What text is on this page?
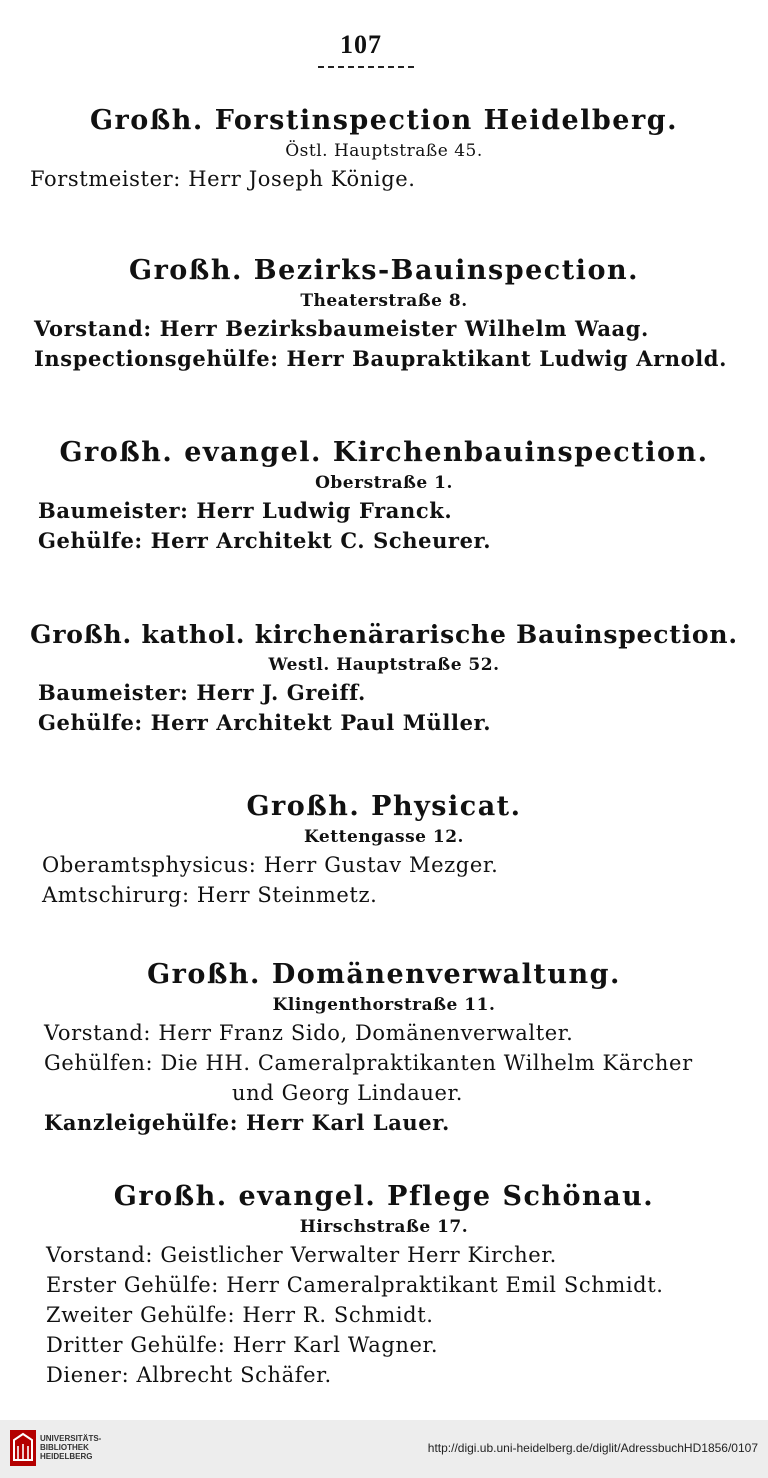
107
Großh. Forstinspection Heidelberg.
Östl. Hauptstraße 45.
Forstmeister: Herr Joseph Könige.
Großh. Bezirks-Bauinspection.
Theaterstraße 8.
Vorstand: Herr Bezirksbaumeister Wilhelm Waag.
Inspectionsgehülfe: Herr Baupraktikant Ludwig Arnold.
Großh. evangel. Kirchenbauinspection.
Oberstraße 1.
Baumeister: Herr Ludwig Franck.
Gehülfe: Herr Architekt C. Scheurer.
Großh. kathol. kirchenärarische Bauinspection.
Westl. Hauptstraße 52.
Baumeister: Herr J. Greiff.
Gehülfe: Herr Architekt Paul Müller.
Großh. Physicat.
Kettengasse 12.
Oberamtsphysicus: Herr Gustav Mezger.
Amtschirurg: Herr Steinmetz.
Großh. Domänenverwaltung.
Klingenthorstraße 11.
Vorstand: Herr Franz Sido, Domänenverwalter.
Gehülfen: Die HH. Cameralpraktikanten Wilhelm Kärcher
und Georg Lindauer.
Kanzleigehülfe: Herr Karl Lauer.
Großh. evangel. Pflege Schönau.
Hirschstraße 17.
Vorstand: Geistlicher Verwalter Herr Kircher.
Erster Gehülfe: Herr Cameralpraktikant Emil Schmidt.
Zweiter Gehülfe: Herr R. Schmidt.
Dritter Gehülfe: Herr Karl Wagner.
Diener: Albrecht Schäfer.
UNIVERSITÄTS-
BIBLIOTHEK
HEIDELBERG
http://digi.ub.uni-heidelberg.de/diglit/AdressbuchHD1856/0107
